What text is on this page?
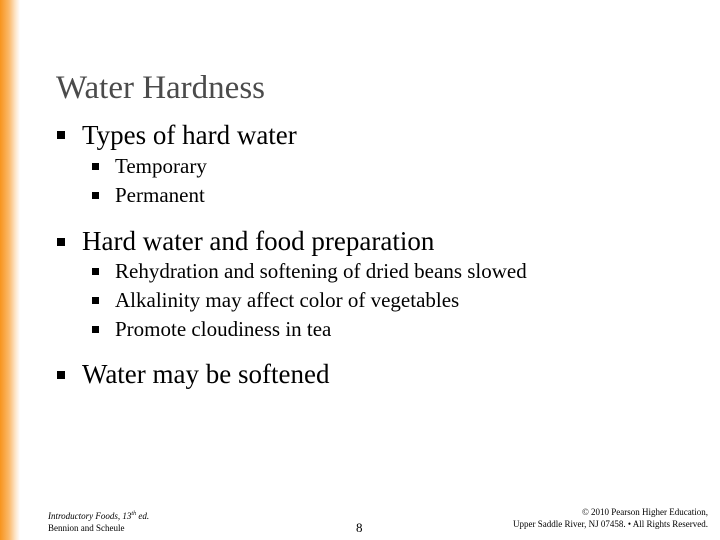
Water Hardness
Types of hard water
Temporary
Permanent
Hard water and food preparation
Rehydration and softening of dried beans slowed
Alkalinity may affect color of vegetables
Promote cloudiness in tea
Water may be softened
Introductory Foods, 13th ed.
Bennion and Scheule	8
© 2010 Pearson Higher Education,
Upper Saddle River, NJ 07458. • All Rights Reserved.
